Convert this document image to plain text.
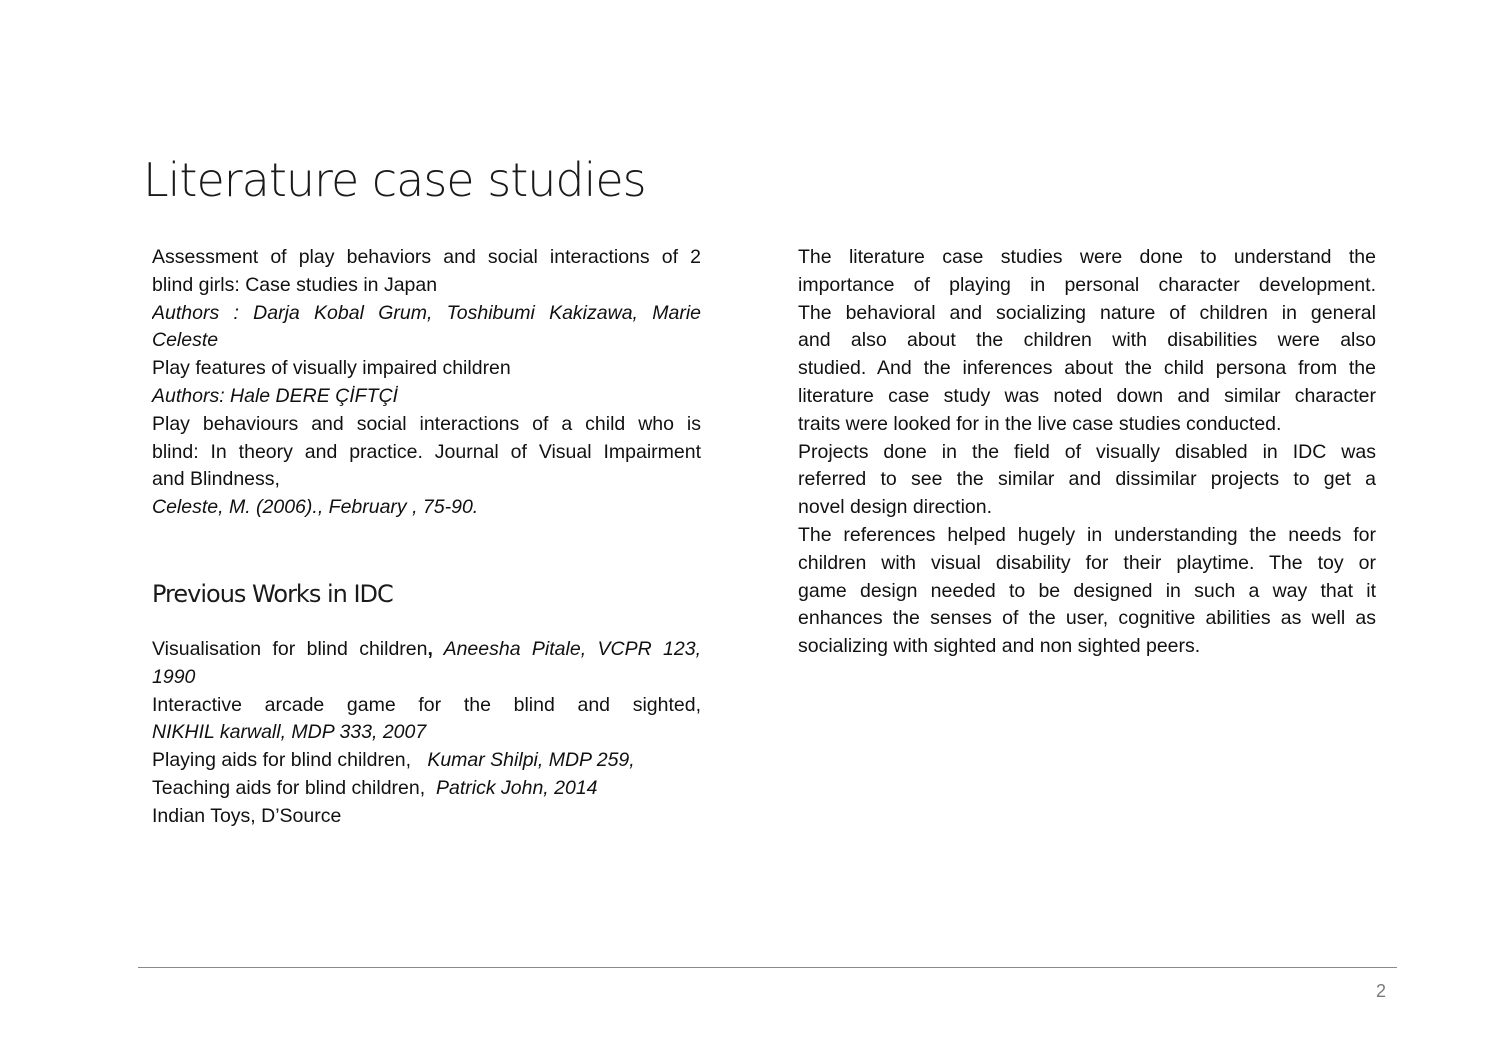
Literature case studies
Assessment of play behaviors and social interactions of 2
blind girls: Case studies in Japan
Authors : Darja Kobal Grum, Toshibumi Kakizawa, Marie
Celeste
Play features of visually impaired children
Authors: Hale DERE ÇİFTÇİ
Play behaviours and social interactions of a child who is
blind: In theory and practice. Journal of Visual Impairment
and Blindness,
Celeste, M. (2006)., February , 75-90.
Previous Works in IDC
Visualisation for blind children, Aneesha Pitale, VCPR 123,
1990
Interactive arcade game for the blind and sighted,
NIKHIL karwall, MDP 333, 2007
Playing aids for blind children,   Kumar Shilpi, MDP 259,
Teaching aids for blind children,  Patrick John, 2014
Indian Toys, D’Source
The literature case studies were done to understand the
importance of playing in personal character development.
The behavioral and socializing nature of children in general
and also about the children with disabilities were also
studied. And the inferences about the child persona from the
literature case study was noted down and similar character
traits were looked for in the live case studies conducted.
Projects done in the field of visually disabled in IDC was
referred to see the similar and dissimilar projects to get a
novel design direction.
The references helped hugely in understanding the needs for
children with visual disability for their playtime. The toy or
game design needed to be designed in such a way that it
enhances the senses of the user, cognitive abilities as well as
socializing with sighted and non sighted peers.
2
